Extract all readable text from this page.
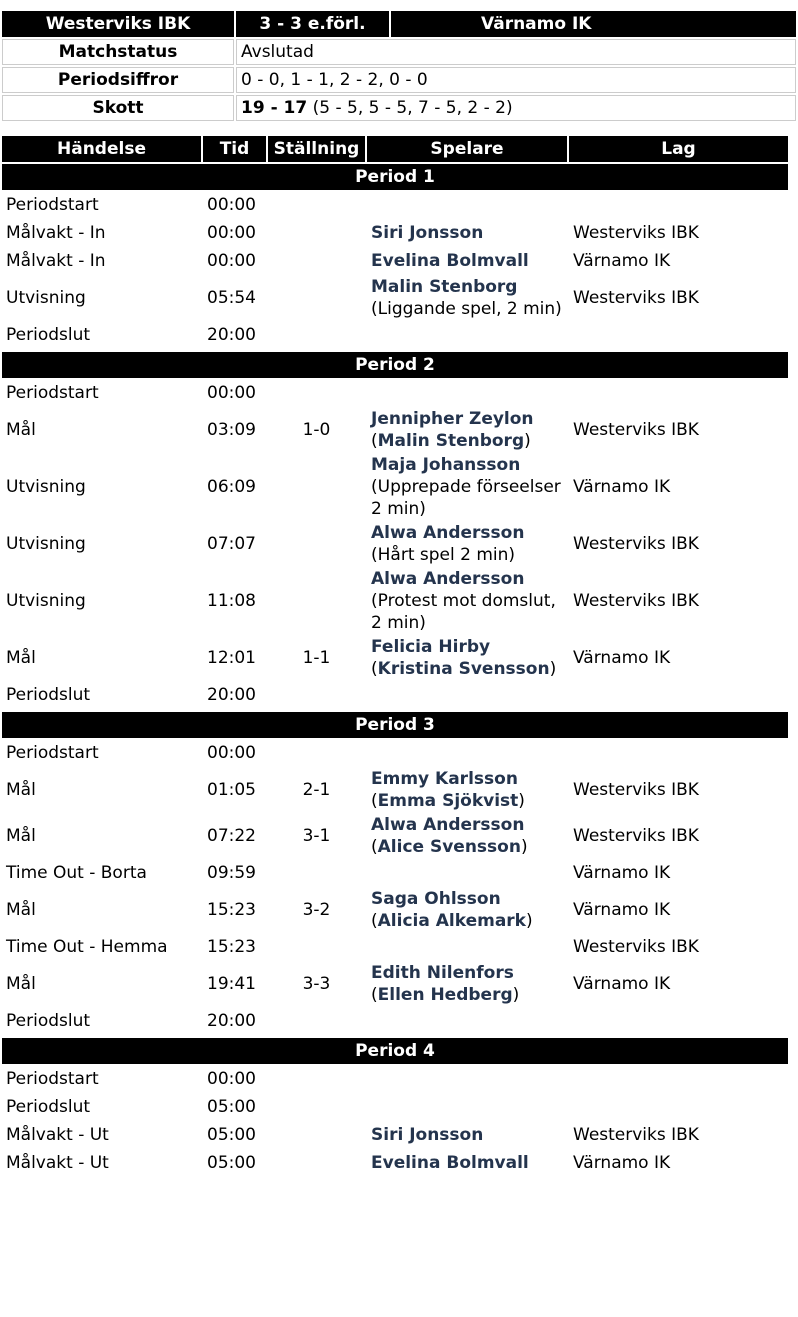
Westerviks IBK	3 - 3 e.förl.	Värnamo IK
Matchstatus	Avslutad	
Periodsiffror	0 - 0, 1 - 1, 2 - 2, 0 - 0	
Skott	19 - 17 (5 - 5, 5 - 5, 7 - 5, 2 - 2)	
Händelse	Tid	Ställning	Spelare	Lag
Period 1				
Periodstart	00:00			
Målvakt - In	00:00		Siri Jonsson	Westerviks IBK
Målvakt - In	00:00		Evelina Bolmvall	Värnamo IK
Utvisning	05:54		Malin Stenborg (Liggande spel, 2 min)	Westerviks IBK
Periodslut	20:00			

Period 2				
Periodstart	00:00			
Mål	03:09	1-0	Jennipher Zeylon (Malin Stenborg)	Westerviks IBK
Utvisning	06:09		Maja Johansson (Upprepade förseelser 2 min)	Värnamo IK
Utvisning	07:07		Alwa Andersson (Hårt spel 2 min)	Westerviks IBK
Utvisning	11:08		Alwa Andersson (Protest mot domslut, 2 min)	Westerviks IBK
Mål	12:01	1-1	Felicia Hirby (Kristina Svensson)	Värnamo IK
Periodslut	20:00			

Period 3				
Periodstart	00:00			
Mål	01:05	2-1	Emmy Karlsson (Emma Sjökvist)	Westerviks IBK
Mål	07:22	3-1	Alwa Andersson (Alice Svensson)	Westerviks IBK
Time Out - Borta	09:59			Värnamo IK
Mål	15:23	3-2	Saga Ohlsson (Alicia Alkemark)	Värnamo IK
Time Out - Hemma	15:23			Westerviks IBK
Mål	19:41	3-3	Edith Nilenfors (Ellen Hedberg)	Värnamo IK
Periodslut	20:00			

Period 4				
Periodstart	00:00			
Periodslut	05:00			
Målvakt - Ut	05:00		Siri Jonsson	Westerviks IBK
Målvakt - Ut	05:00		Evelina Bolmvall	Värnamo IK
